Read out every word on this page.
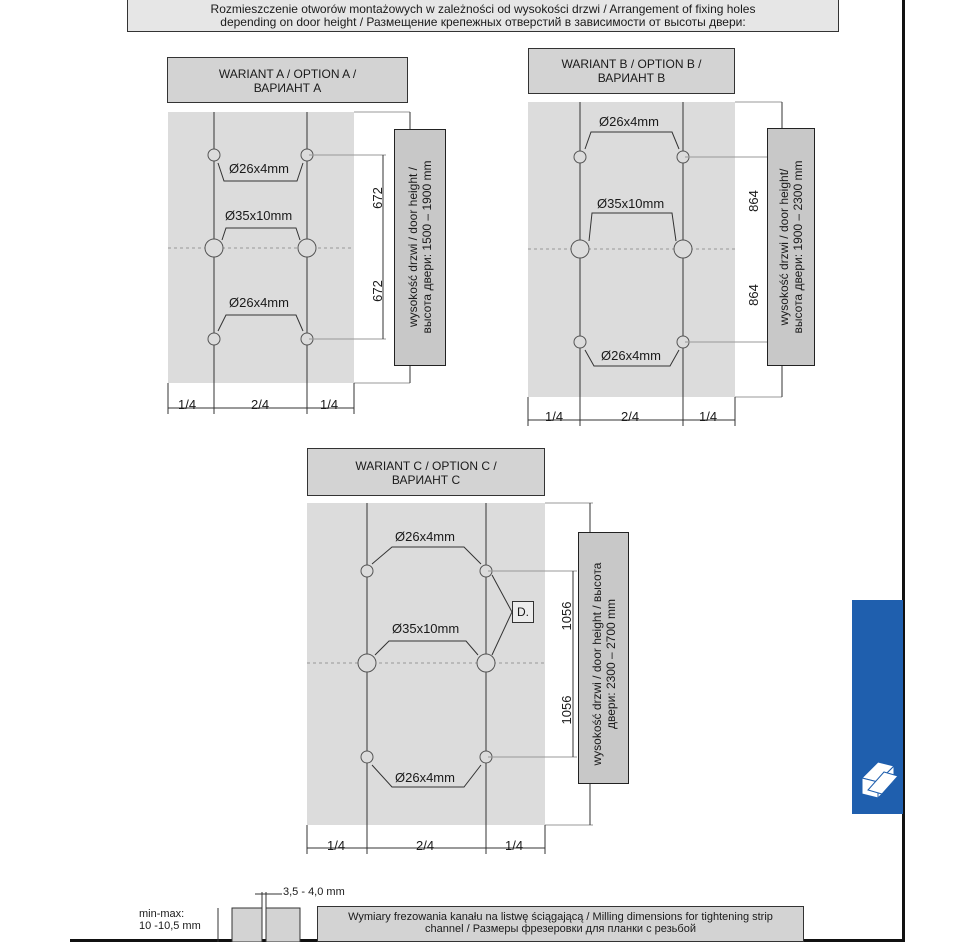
Rozmieszczenie otworów montażowych w zależności od wysokości drzwi / Arrangement of fixing holes
depending on door height / Размещение крепежных отверстий в зависимости от высоты двери:
WARIANT A / OPTION A /
ВАРИАНТ А
WARIANT B / OPTION B /
ВАРИАНТ В
WARIANT C / OPTION C /
ВАРИАНТ С
Ø26x4mm
Ø35x10mm
Ø26x4mm
672
672 wysokość drzwi / door height / высота двери: 1500 – 1900 mm
1/4	2/4	1/4
Ø26x4mm
Ø35x10mm
Ø26x4mm
864
864 wysokość drzwi / door height/ высота двери: 1900 – 2300 mm
1/4	2/4	1/4
Ø26x4mm
Ø35x10mm
Ø26x4mm
D.	1056
1056 wysokość drzwi / door height / высота двери: 2300 – 2700 mm
1/4	2/4	1/4
3,5 - 4,0 mm
min-max:
10 -10,5 mm
Wymiary frezowania kanału na listwę ściągającą / Milling dimensions for tightening strip
channel / Размеры фрезеровки для планки с резьбой
SLIDING DOOR SYSTEMS
